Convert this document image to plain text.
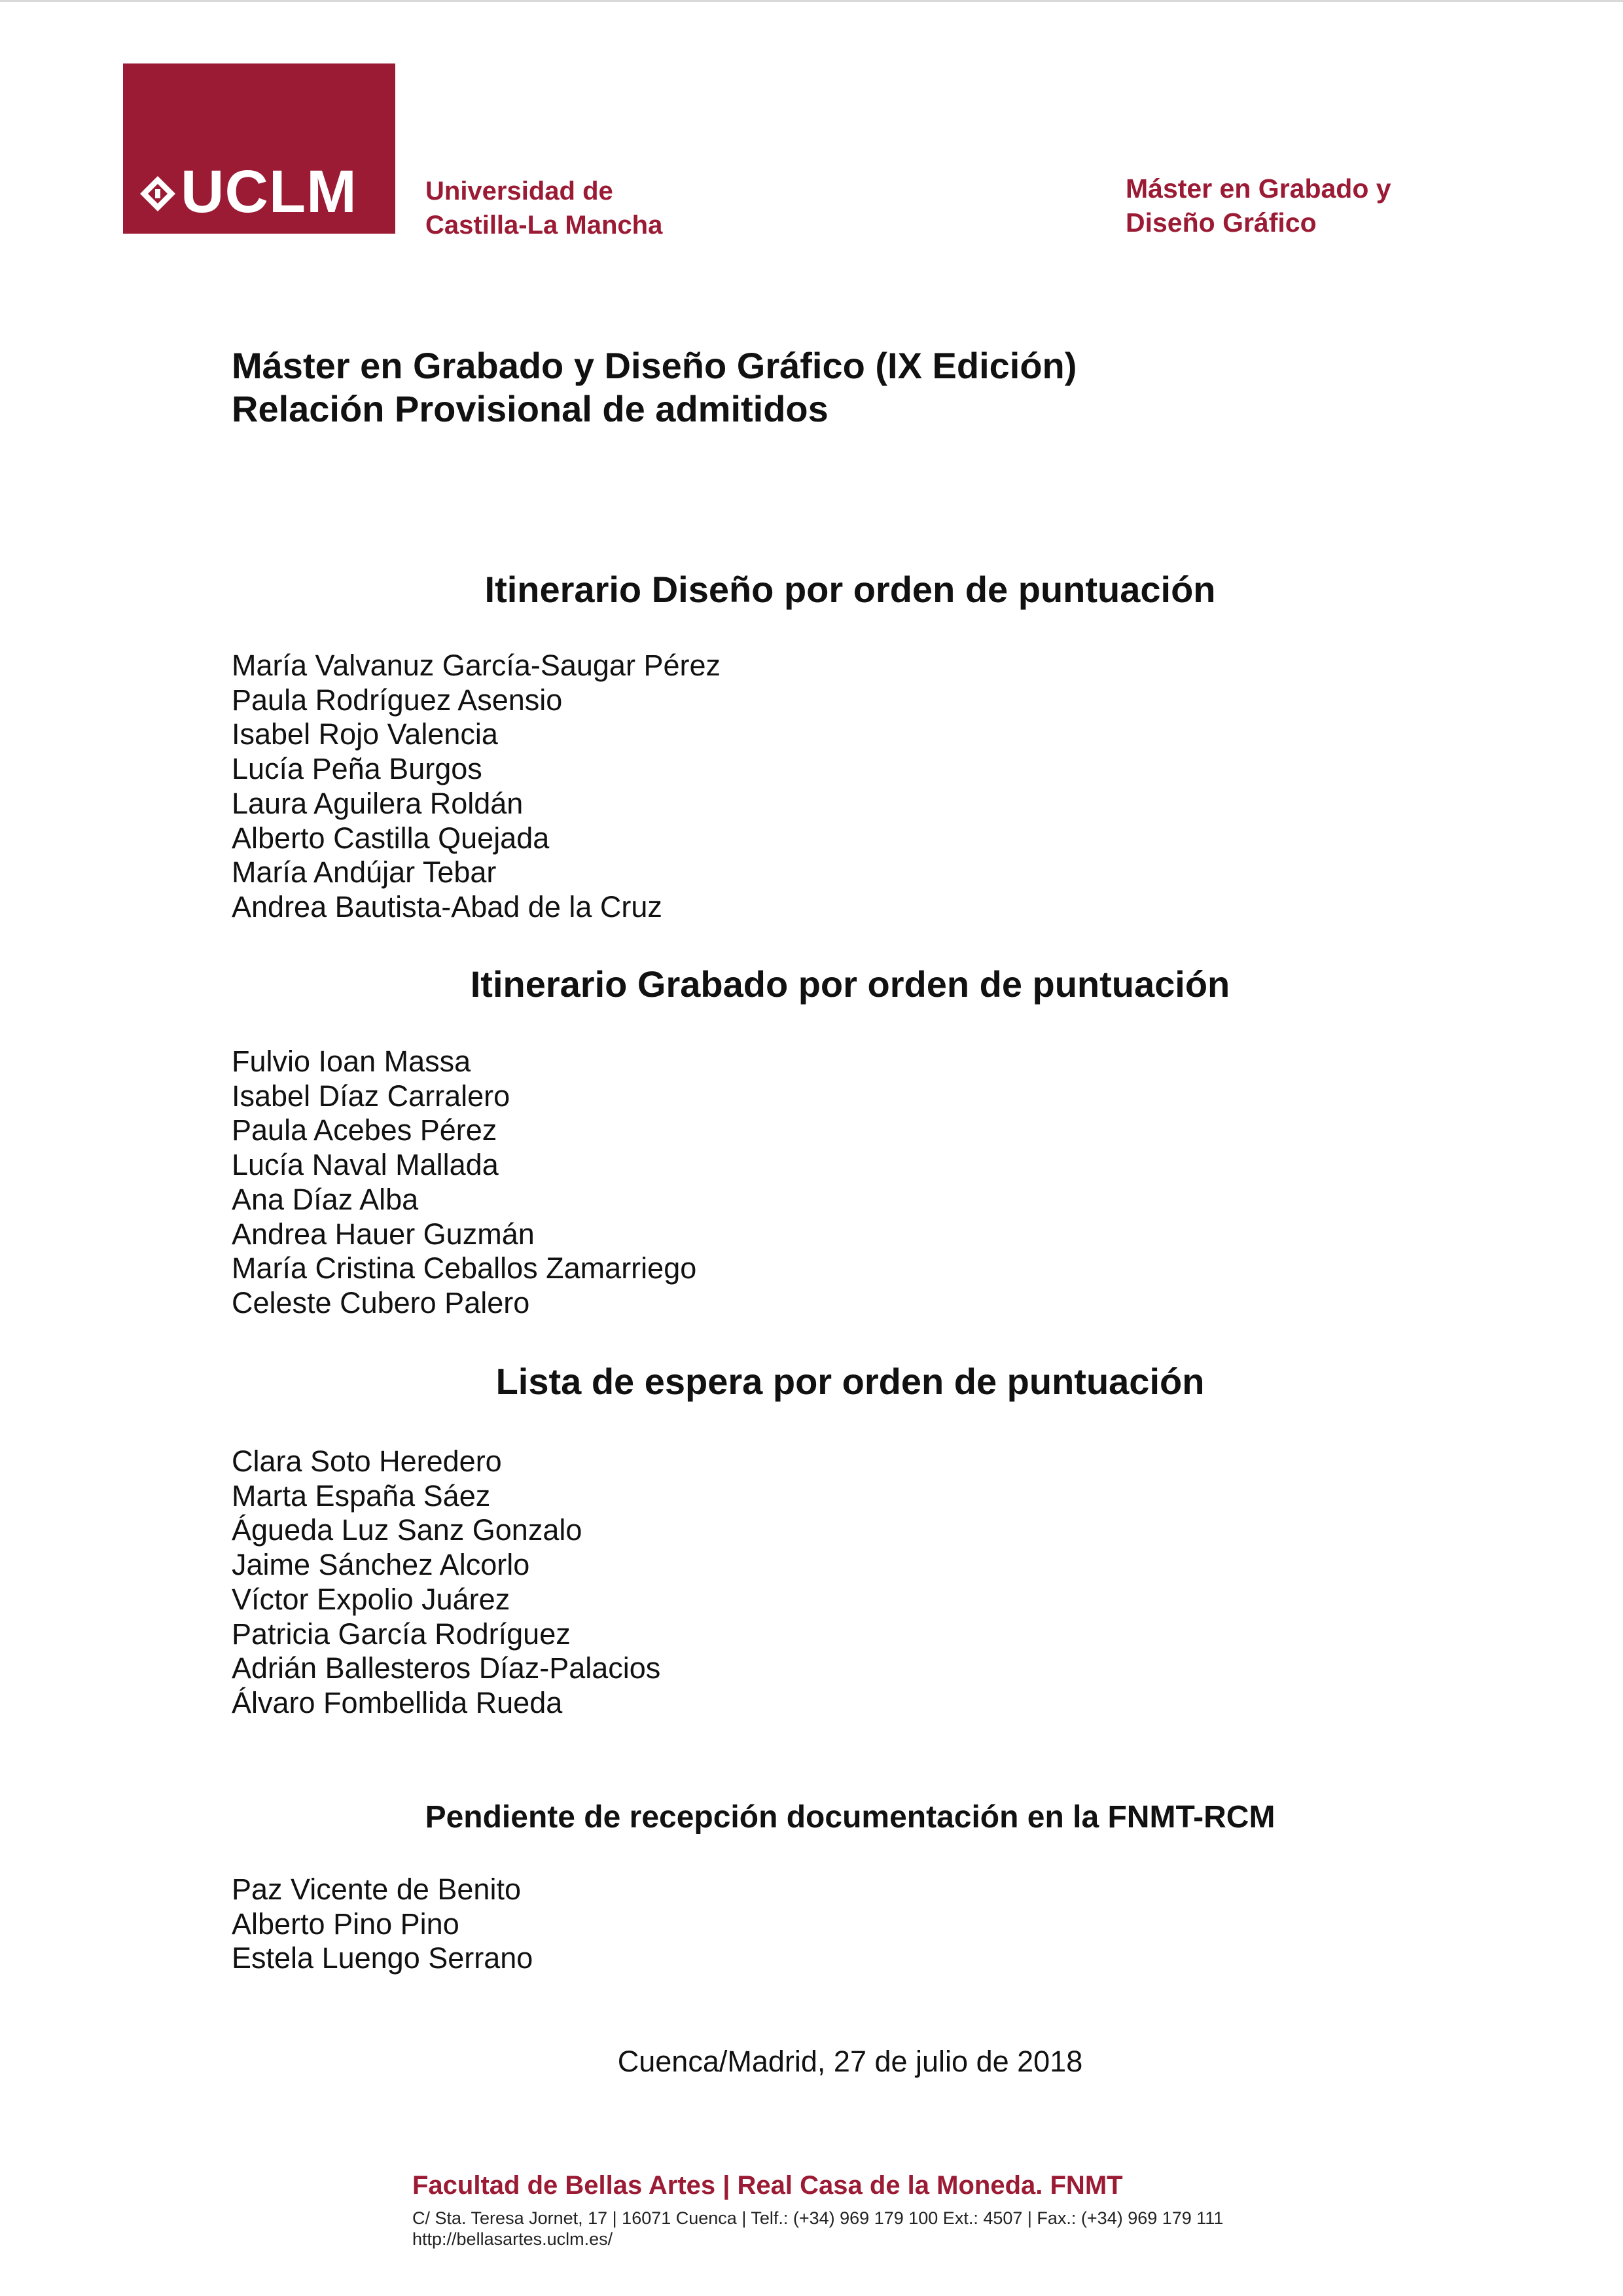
UCLM	Universidad de
Castilla-La Mancha
Máster en Grabado y
Diseño Gráfico
Máster en Grabado y Diseño Gráfico (IX Edición)
Relación Provisional de admitidos
Itinerario Diseño por orden de puntuación
María Valvanuz García-Saugar Pérez
Paula Rodríguez Asensio
Isabel Rojo Valencia
Lucía Peña Burgos
Laura Aguilera Roldán
Alberto Castilla Quejada
María Andújar Tebar
Andrea Bautista-Abad de la Cruz
Itinerario Grabado por orden de puntuación
Fulvio Ioan Massa
Isabel Díaz Carralero
Paula Acebes Pérez
Lucía Naval Mallada
Ana Díaz Alba
Andrea Hauer Guzmán
María Cristina Ceballos Zamarriego
Celeste Cubero Palero
Lista de espera por orden de puntuación
Clara Soto Heredero
Marta España Sáez
Águeda Luz Sanz Gonzalo
Jaime Sánchez Alcorlo
Víctor Expolio Juárez
Patricia García Rodríguez
Adrián Ballesteros Díaz-Palacios
Álvaro Fombellida Rueda
Pendiente de recepción documentación en la FNMT-RCM
Paz Vicente de Benito
Alberto Pino Pino
Estela Luengo Serrano
Cuenca/Madrid, 27 de julio de 2018
Facultad de Bellas Artes | Real Casa de la Moneda. FNMT
C/ Sta. Teresa Jornet, 17 | 16071 Cuenca | Telf.: (+34) 969 179 100 Ext.: 4507 | Fax.: (+34) 969 179 111
http://bellasartes.uclm.es/
